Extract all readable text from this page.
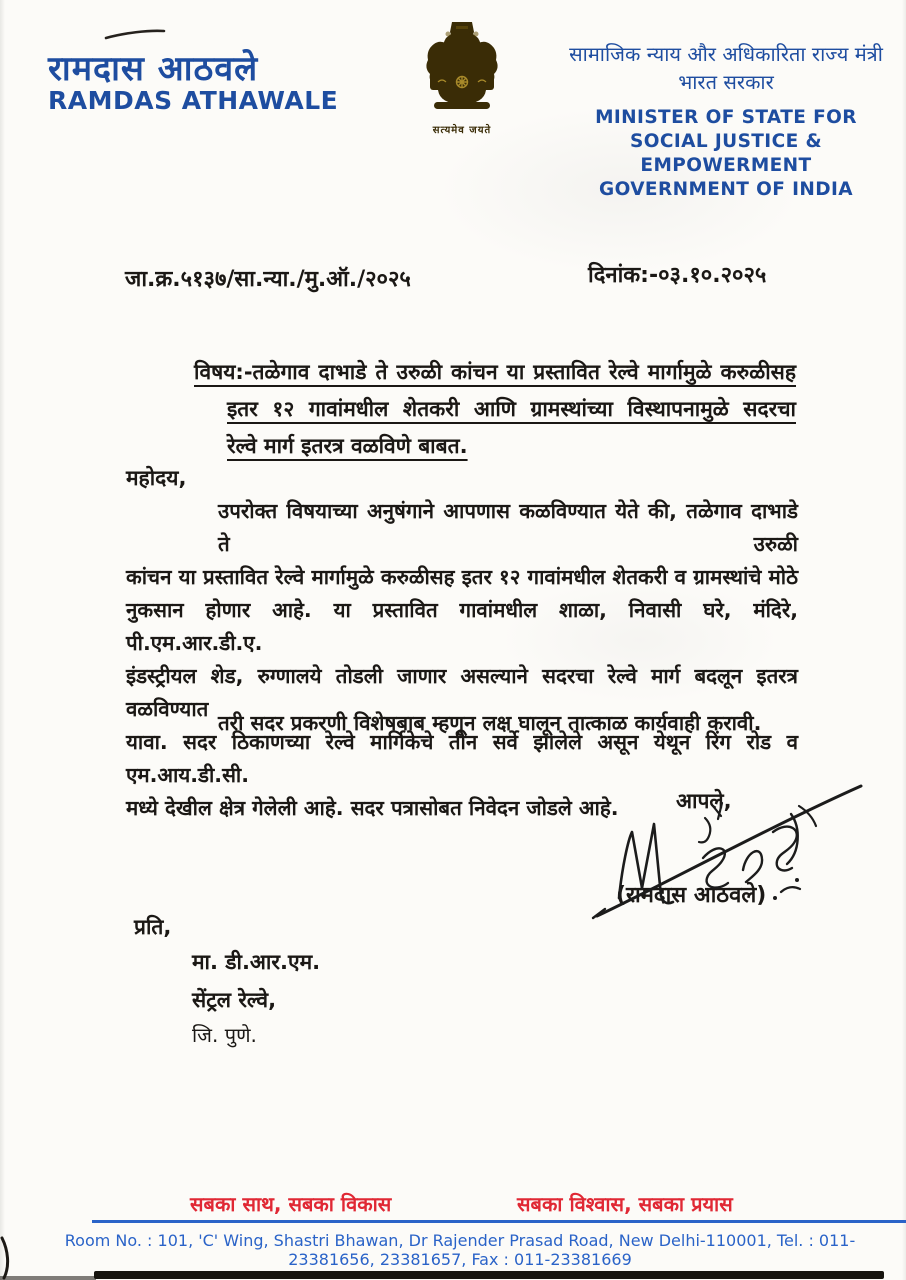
रामदास आठवले
RAMDAS ATHAWALE
सत्यमेव जयते
सामाजिक न्याय और अधिकारिता राज्य मंत्री
भारत सरकार
MINISTER OF STATE FOR
SOCIAL JUSTICE & EMPOWERMENT
GOVERNMENT OF INDIA
जा.क्र.५१३७/सा.न्या./मु.ऑ./२०२५	दिनांक:-०३.१०.२०२५
विषय:-तळेगाव दाभाडे ते उरुळी कांचन या प्रस्तावित रेल्वे मार्गामुळे करुळीसह
इतर १२ गावांमधील शेतकरी आणि ग्रामस्थांच्या विस्थापनामुळे सदरचा
रेल्वे मार्ग इतरत्र वळविणे बाबत.
महोदय,
उपरोक्त विषयाच्या अनुषंगाने आपणास कळविण्यात येते की, तळेगाव दाभाडे ते उरुळी
कांचन या प्रस्तावित रेल्वे मार्गामुळे करुळीसह इतर १२ गावांमधील शेतकरी व ग्रामस्थांचे मोठे
नुकसान होणार आहे. या प्रस्तावित गावांमधील शाळा, निवासी घरे, मंदिरे, पी.एम.आर.डी.ए.
इंडस्ट्रीयल शेड, रुग्णालये तोडली जाणार असल्याने सदरचा रेल्वे मार्ग बदलून इतरत्र वळविण्यात
यावा. सदर ठिकाणच्या रेल्वे मार्गिकेचे तीन सर्वे झालेले असून येथून रिंग रोड व एम.आय.डी.सी.
मध्ये देखील क्षेत्र गेलेली आहे. सदर पत्रासोबत निवेदन जोडले आहे.
तरी सदर प्रकरणी विशेषबाब म्हणून लक्ष घालून तात्काळ कार्यवाही करावी.
आपले,
(रामदास आठवले)
प्रति,
मा. डी.आर.एम.
सेंट्रल रेल्वे,
जि. पुणे.
सबका साथ, सबका विकास	सबका विश्वास, सबका प्रयास
Room No. : 101, 'C' Wing, Shastri Bhawan, Dr Rajender Prasad Road, New Delhi-110001, Tel. : 011-23381656, 23381657, Fax : 011-23381669
